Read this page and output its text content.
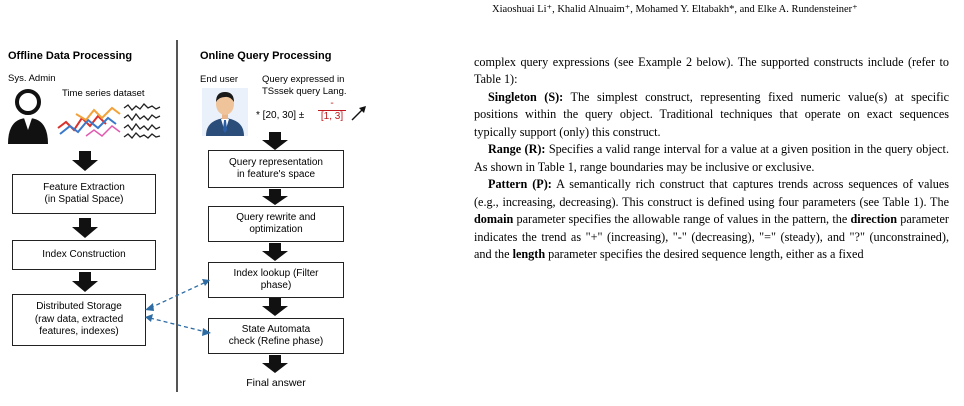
Xiaoshuai Li⁺, Khalid Alnuaim⁺, Mohamed Y. Eltabakh*, and Elke A. Rundensteiner⁺
Offline Data Processing
Sys. Admin
Time series dataset
Feature Extraction
(in Spatial Space)
Index Construction
Distributed Storage
(raw data, extracted
features, indexes)
Online Query Processing
End user	Query expressed in
TSssek query Lang.
* [20, 30] ±
-
[1, 3]
Query representation
in feature's space
Query rewrite and
optimization
Index lookup (Filter
phase)
State Automata
check (Refine phase)
Final answer

complex query expressions (see Example 2 below). The supported constructs include (refer to Table 1):

Singleton (S): The simplest construct, representing fixed numeric value(s) at specific positions within the query object. Traditional techniques that operate on exact sequences typically support (only) this construct.

Range (R): Specifies a valid range interval for a value at a given position in the query object. As shown in Table 1, range boundaries may be inclusive or exclusive.

Pattern (P): A semantically rich construct that captures trends across sequences of values (e.g., increasing, decreasing). This construct is defined using four parameters (see Table 1). The domain parameter specifies the allowable range of values in the pattern, the direction parameter indicates the trend as "+" (increasing), "-" (decreasing), "=" (steady), and "?" (unconstrained), and the length parameter specifies the desired sequence length, either as a fixed
